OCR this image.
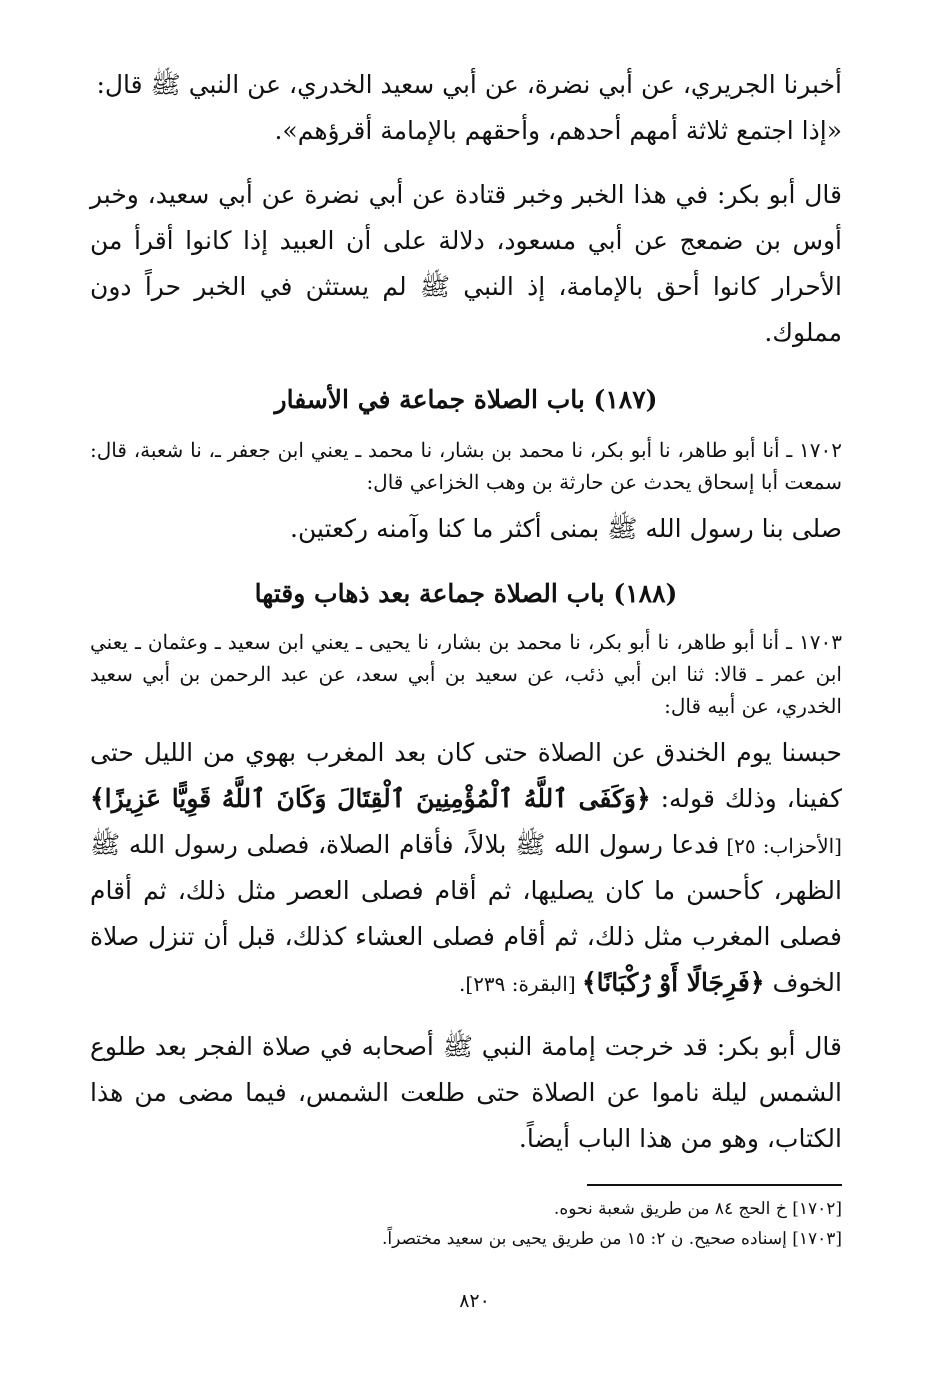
أخبرنا الجريري، عن أبي نضرة، عن أبي سعيد الخدري، عن النبي ﷺ قال:

«إذا اجتمع ثلاثة أمهم أحدهم، وأحقهم بالإمامة أقرؤهم».

قال أبو بكر: في هذا الخبر وخبر قتادة عن أبي نضرة عن أبي سعيد، وخبر أوس بن ضمعج عن أبي مسعود، دلالة على أن العبيد إذا كانوا أقرأ من الأحرار كانوا أحق بالإمامة، إذ النبي ﷺ لم يستثن في الخبر حراً دون مملوك.

(١٨٧) باب الصلاة جماعة في الأسفار

١٧٠٢ ـ أنا أبو طاهر، نا أبو بكر، نا محمد بن بشار، نا محمد ـ يعني ابن جعفر ـ، نا شعبة، قال: سمعت أبا إسحاق يحدث عن حارثة بن وهب الخزاعي قال:

صلى بنا رسول الله ﷺ بمنى أكثر ما كنا وآمنه ركعتين.

(١٨٨) باب الصلاة جماعة بعد ذهاب وقتها

١٧٠٣ ـ أنا أبو طاهر، نا أبو بكر، نا محمد بن بشار، نا يحيى ـ يعني ابن سعيد ـ وعثمان ـ يعني ابن عمر ـ قالا: ثنا ابن أبي ذئب، عن سعيد بن أبي سعد، عن عبد الرحمن بن أبي سعيد الخدري، عن أبيه قال:

حبسنا يوم الخندق عن الصلاة حتى كان بعد المغرب بهوي من الليل حتى كفينا، وذلك قوله: ﴿وَكَفَى ٱللَّهُ ٱلْمُؤْمِنِينَ ٱلْقِتَالَ وَكَانَ ٱللَّهُ قَوِيًّا عَزِيزًا﴾ [الأحزاب: ٢٥] فدعا رسول الله ﷺ بلالاً، فأقام الصلاة، فصلى رسول الله ﷺ الظهر، كأحسن ما كان يصليها، ثم أقام فصلى العصر مثل ذلك، ثم أقام فصلى المغرب مثل ذلك، ثم أقام فصلى العشاء كذلك، قبل أن تنزل صلاة الخوف ﴿فَرِجَالًا أَوْ رُكْبَانًا﴾ [البقرة: ٢٣٩].

قال أبو بكر: قد خرجت إمامة النبي ﷺ أصحابه في صلاة الفجر بعد طلوع الشمس ليلة ناموا عن الصلاة حتى طلعت الشمس، فيما مضى من هذا الكتاب، وهو من هذا الباب أيضاً.

[١٧٠٢] خ الحج ٨٤ من طريق شعبة نحوه.

[١٧٠٣] إسناده صحيح. ن ٢: ١٥ من طريق يحيى بن سعيد مختصراً.

٨٢٠
